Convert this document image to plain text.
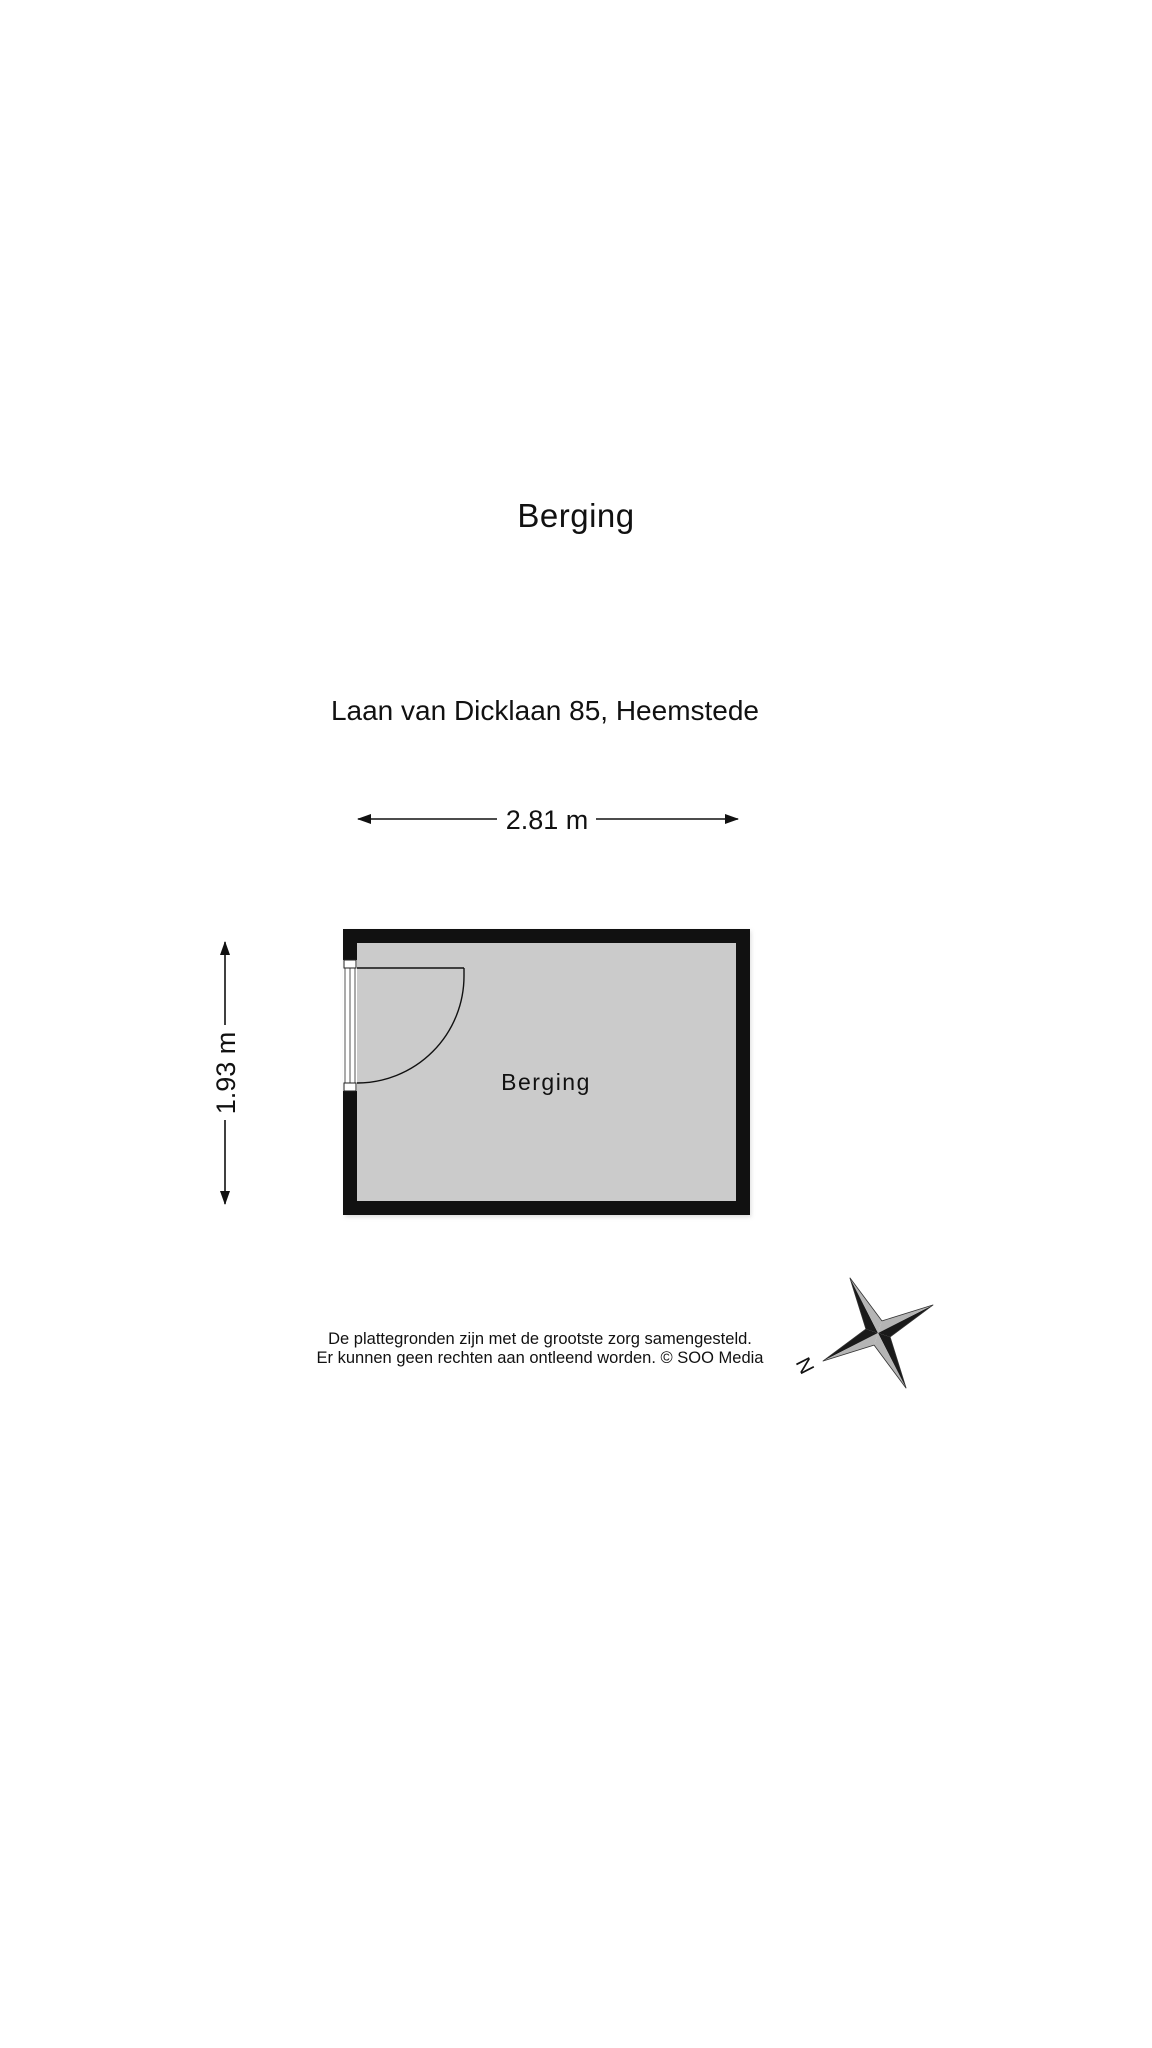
Berging
Laan van Dicklaan 85, Heemstede
2.81 m
1.93 m	Berging
N
De plattegronden zijn met de grootste zorg samengesteld.
Er kunnen geen rechten aan ontleend worden. © SOO Media
